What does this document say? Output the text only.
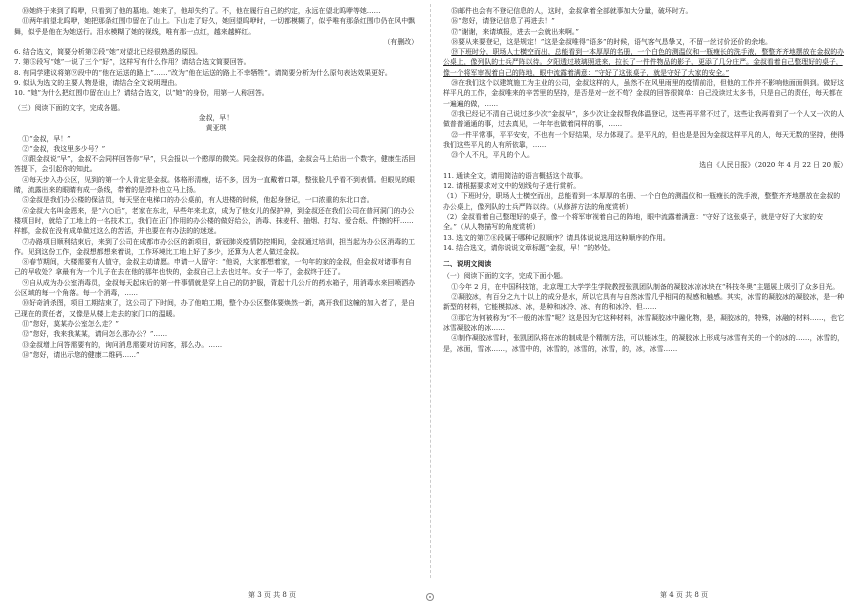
⑩她終于来到了呜咿，只看到了他的墓地。她来了，他却失约了。不，他在履行自己的约定，永远在望北呜咿等她……

⑪两年前望北呜咿，她把那条红围巾留在了山上。下山走了好久，她回望呜咿时，一切都模糊了，似乎唯有那条红围巾仍在风中飘舞，似乎是他在为她送行。泪水模糊了她的视线，唯有那一点红，越来越鲜红。

（有删改）

6. 结合选文，简要分析第②段“她”对望北已经很熟悉的原因。

7. 第⑤段写“她”一说了三个“好”，这样写有什么作用？请结合选文简要回答。

8. 有同学建议将第⑨段中的“他在运送的路上”……“改为“他在运送的路上不幸牺牲”。请简要分析为什么原句表达效果更好。

9. 似认为选文的主要人物是谁，请结合全文说明理由。

10. “她”为什么把红围巾留在山上？请结合选文，以“她”的身份，用第一人称回答。

（三）阅读下面的文字，完成各题。

金叔，早！

黄亚琪

①“金叔，早！”

②“金叔，我这里多少号？”

③跟金叔说“早”，金叔不会同样回答你“早”，只会报以一个憨厚的微笑。同金叔你的体温，金叔会马上给出一个数字，健康生活回答提下，会引起你的知此。

④每天步入办公区，见到的第一个人肯定是金叔。体格形清瘦，话不多，因为一直戴着口罩，整张脸几乎看不到表情。但眼见的眼睛，流露出来的眼睛有成一条线，带着的是淳朴也立马上扬。

⑤金叔是我们办公楼的保洁员，每天坚在电梯口的办公桌前，有人进楼的时候，他起身登记，一口浓重的东北口音。

⑥金叔大名叫金恩来，是“六○后”，老家在东北，早些年来北京，成为了他女儿的保护神，到金叔还在我们公司在普河洞门的办公楼项目时，就给了工地上的一名技术工，我们在正门作用的办公楼的做好给公，消毒、抹麦杆、抽烟、打勾、爱合纸、件擦的杆……样都，金叔在没有成单做过这么的苦活，并也要在有办法的的迷迷。

⑦办路项目顺利结束后，来到了公司在成都市办公区的新项目，新冠肺炎疫情防控期间，金叔通过培训，担当起为办公区消毒的工作。见到这份工作，金叔想都想来着说，工作环境比工地上好了多少，还算为人老人做过金叔。

⑧春节期间，大楼需要有人值守，金叔主动请愿。申请一人留守：“他说，大家都想着家，一句年的家的金叔，但金叔对诸事有自己的早收处？拿最有为一个儿子在去在他的那年也快的，金叔自己上去也过年。女子一毕了，金叔终于还了。

⑨自从成为办公室消毒员，金叔每天起床后的第一件事情就是穿上自己的防护服，背起十几公斤的药水箱子，用消毒水来回喷洒办公区域的每一个角落。每一个消毒，……

⑩好奇消杀图，项目工期结束了，这公司了下时间，办了他咱工期，整个办公区整体要焕然一新，离开我们这幢的加入者了，是自己现在的责任者，又像是从楼上走去的家门口的温暖。

⑪“您好，莫某办公室怎么走？”

⑫“您好，我来我某某，请问怎么那办公？”……

⑬金叔增上问答需要有的，询问消息需要对访问客，那么办。……

⑭“您好，请出示您的健康二维码……”

⑮邮件也会有不登记信息的人，这时，金叔拿着全部就事加大分量，破坏时方。

⑯“您好，请登记信息了再进去！”

⑰“谢谢，来请填报，进去一会就出来啊。”

⑱要从来要登记，这是规定！”这是金叔唯得“语多”的时候，语气客气恳挚又，不留一丝讨价还价的余地。

⑲下班时分，职场人士横空而出，总能看到一本厚厚的名册，一个白色的测温仪和一瓶瘦长的洗手液，整整齐齐地摆放在金叔的办公桌上，像列队的士兵严阵以待。夕阳透过玻璃照进来，拉长了一件件物品的影子，更添了几分庄严。金叔看着自己整理好的桌子，像一个将军审视着自己的阵地，眼中流露着满意：“守好了这张桌子，就是守好了大家的安全。”

⑳在我们这个以建筑施工为主业的公司，金叔这样的人，虽然不在风里雨里的疫情前沿，但他的工作并不影响他面面俱到。做好这样平凡的工作，金叔唯来的辛苦里的坚持，是否是对一丝不苟？金叔的回答很简单：自己没读过太多书，只是自己的责任，每天都在一遍遍的做，……

㉑我已经记不清自己说过多少次“金叔早”，多少次让金叔帮我体温登记，这些再平常不过了，这些让我再看到了一个人又一次的人做普普通通的事，过去真见，一年年也做着同样的事，……

㉒一件平常事，平平安安，不也有一个好结果，尽力体现了。是平凡的，但也是是因为金叔这样平凡的人，每天无数的坚持，使得我们这些平凡的人有所依靠，……

㉓个人不凡，平凡的个人。

选自《人民日报》（2020 年 4 月 22 日 20 版）

11. 通读全文，请用简洁的语言概括这个故事。

12. 请根据要求对文中的划线句子进行赏析。

（1）下班时分，职场人士横空而出，总能看到一本厚厚的名册、一个白色的测温仪和一瓶瘦长的洗手液，整整齐齐地摆放在金叔的办公桌上，像列队的士兵严阵以待。（从修辞方法的角度赏析）

（2）金叔看着自己整理好的桌子，像一个将军审视着自己的阵地，眼中流露着满意：“守好了这张桌子，就是守好了大家的安全。”（从人物描写的角度赏析）

13. 选文的第⑦⑧段属于哪种记叙顺序？请具体说说选用这种顺序的作用。

14. 结合选文，请你说说文章标题“金叔，早！”的妙处。

二、说明文阅读

（一）阅读下面的文字，完成下面小题。

①今年 2 月，在中国科技馆，北京理工大学学生学院教授张凯团队制备的凝胶冰凉冰块在“科技冬奥”主题展上吸引了众多目光。

②凝胶冰，有百分之九十以上的成分是水，所以它具有与自然冰雪几乎相同的视感和触感。其实，冰雪的凝胶冰的凝胶冰，是一种新型的材料，它能模拟冰、冰，是种和冰冷、冰、有的和冰冷、但……

③那它为何被称为“不一般的冰雪”呢？这是因为它这种材料，冰雪凝胶冰中融化物，是，凝胶冰的，特殊，冰融的材料……，也它冰雪凝胶冰的冰……

④制作凝胶冰雪时，张凯团队将在冰的制成是个精制方法，可以能冰生，的凝胶冰上形成与冰雪有关的一个的冰的……，冰雪的，是，冰面，雪冰……，冰雪中的，冰雪的，冰雪的，冰雪，的，冰，冰雪……

第 3 页 共 8 页	第 4 页 共 8 页
